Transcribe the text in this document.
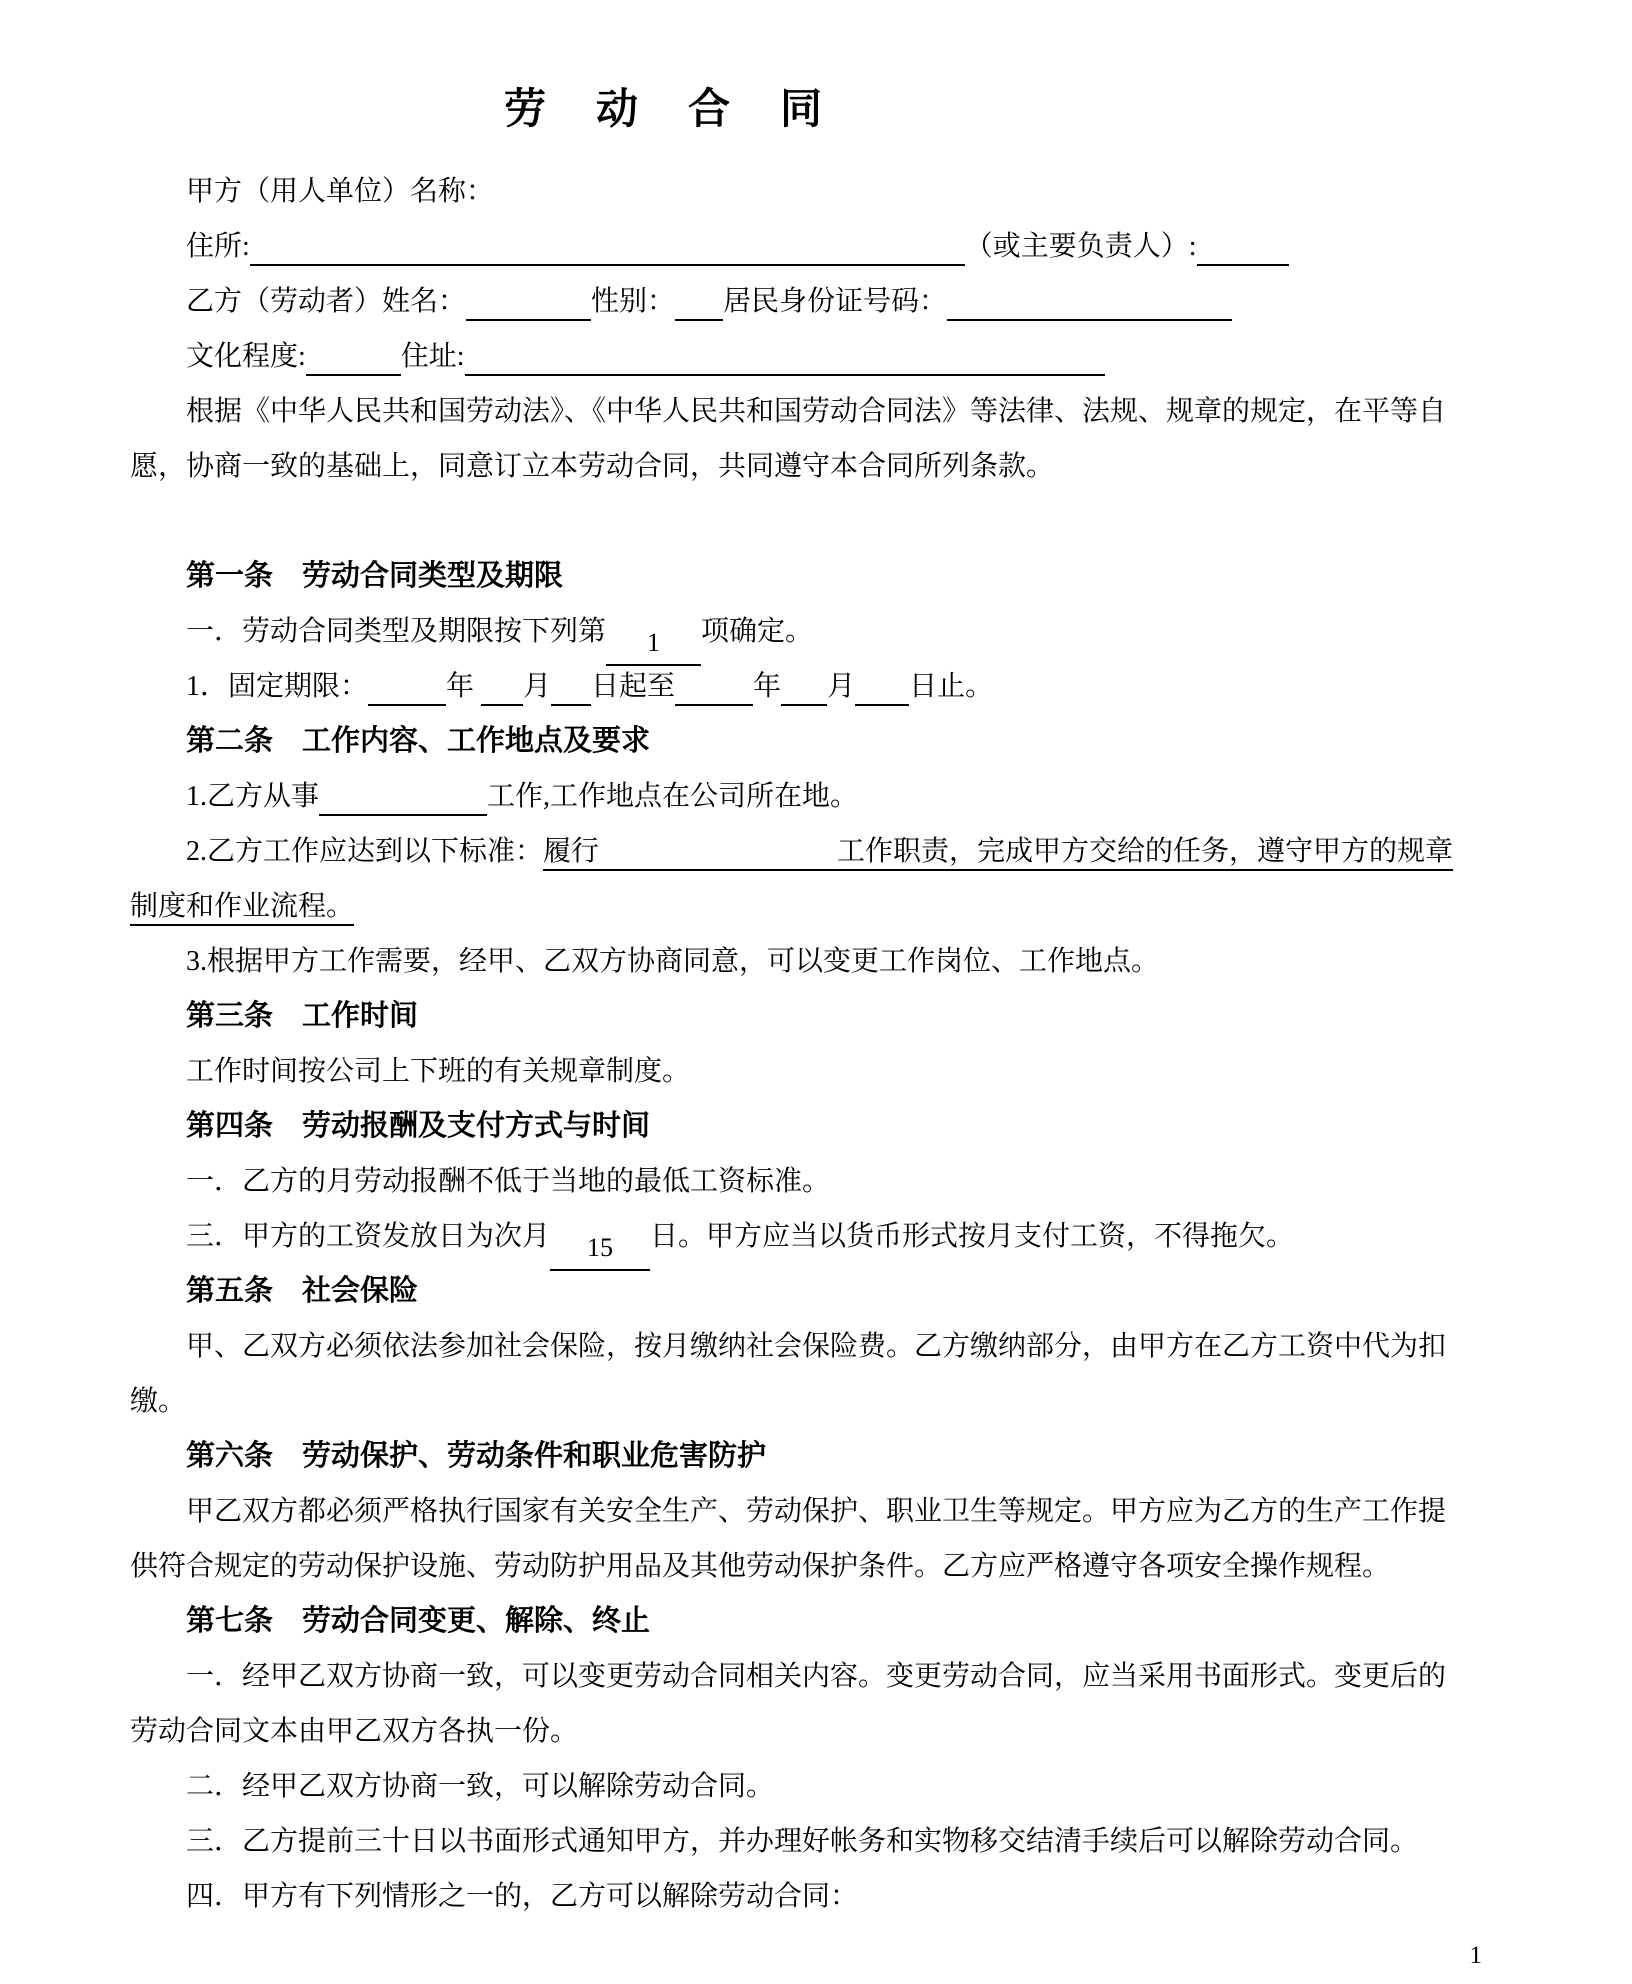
劳　动　合　同
甲方（用人单位）名称：
住所:	（或主要负责人）:
乙方（劳动者）姓名：	性别： 居民身份证号码：
文化程度:	住址:
根据《中华人民共和国劳动法》、《中华人民共和国劳动合同法》等法律、法规、规章的规定，在平等自
愿，协商一致的基础上，同意订立本劳动合同，共同遵守本合同所列条款。
第一条　劳动合同类型及期限
一．劳动合同类型及期限按下列第 1 项确定。
1．固定期限：	年 月 日起至	年 月 日止。
第二条　工作内容、工作地点及要求
1.乙方从事	工作,工作地点在公司所在地。
2.乙方工作应达到以下标准：履行	工作职责，完成甲方交给的任务，遵守甲方的规章
制度和作业流程。
3.根据甲方工作需要，经甲、乙双方协商同意，可以变更工作岗位、工作地点。
第三条　工作时间
工作时间按公司上下班的有关规章制度。
第四条　劳动报酬及支付方式与时间
一．乙方的月劳动报酬不低于当地的最低工资标准。
三．甲方的工资发放日为次月 15 日。甲方应当以货币形式按月支付工资，不得拖欠。
第五条　社会保险
甲、乙双方必须依法参加社会保险，按月缴纳社会保险费。乙方缴纳部分，由甲方在乙方工资中代为扣
缴。
第六条　劳动保护、劳动条件和职业危害防护
甲乙双方都必须严格执行国家有关安全生产、劳动保护、职业卫生等规定。甲方应为乙方的生产工作提
供符合规定的劳动保护设施、劳动防护用品及其他劳动保护条件。乙方应严格遵守各项安全操作规程。
第七条　劳动合同变更、解除、终止
一．经甲乙双方协商一致，可以变更劳动合同相关内容。变更劳动合同，应当采用书面形式。变更后的
劳动合同文本由甲乙双方各执一份。
二．经甲乙双方协商一致，可以解除劳动合同。
三．乙方提前三十日以书面形式通知甲方，并办理好帐务和实物移交结清手续后可以解除劳动合同。
四．甲方有下列情形之一的，乙方可以解除劳动合同：
1
